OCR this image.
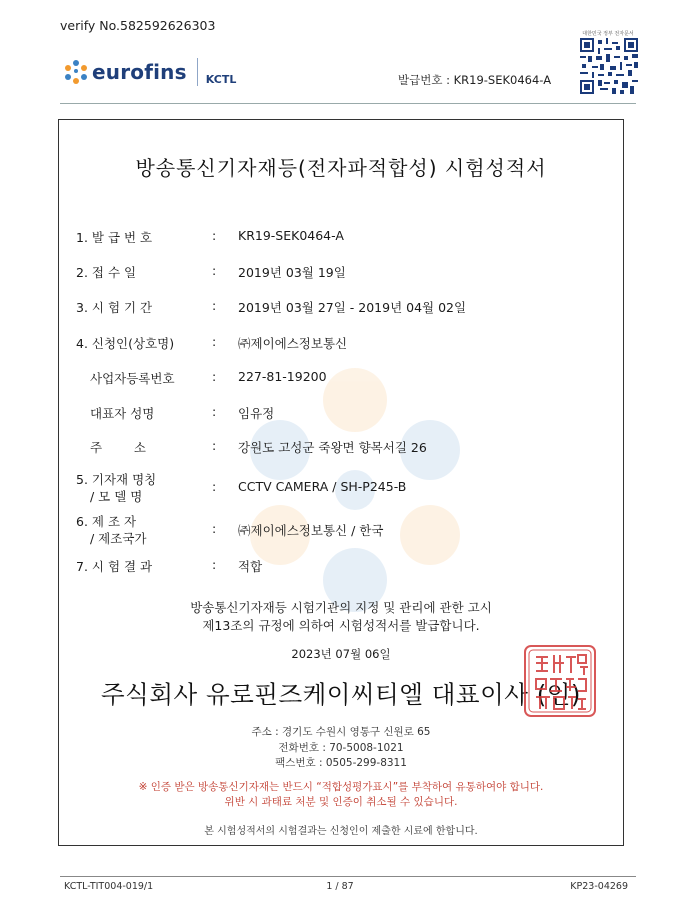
verify No.582592626303
eurofins KCTL	발급번호 : KR19-SEK0464-A
대한민국 정부 전자문서
방송통신기자재등(전자파적합성) 시험성적서
1. 발 급 번 호	: KR19-SEK0464-A
2. 접 수 일	: 2019년 03월 19일
3. 시 험 기 간	: 2019년 03월 27일 - 2019년 04월 02일
4. 신청인(상호명)	: ㈜제이에스정보통신
사업자등록번호	: 227-81-19200
대표자 성명	: 임유정
주        소	: 강원도 고성군 죽왕면 향목서길 26
5. 기자재 명칭
/ 모 델 명
: CCTV CAMERA / SH-P245-B
6. 제 조 자
/ 제조국가
: ㈜제이에스정보통신 / 한국
7. 시 험 결 과	: 적합
방송통신기자재등 시험기관의 지정 및 관리에 관한 고시
제13조의 규정에 의하여 시험성적서를 발급합니다.
2023년 07월 06일
주식회사 유로핀즈케이씨티엘 대표이사 (인)
주소 : 경기도 수원시 영통구 신원로 65
전화번호 : 70-5008-1021
팩스번호 : 0505-299-8311
※ 인증 받은 방송통신기자재는 반드시 “적합성평가표시”를 부착하여 유통하여야 합니다.
위반 시 과태료 처분 및 인증이 취소될 수 있습니다.
본 시험성적서의 시험결과는 신청인이 제출한 시료에 한합니다.
KCTL-TIT004-019/1	1 / 87	KP23-04269
